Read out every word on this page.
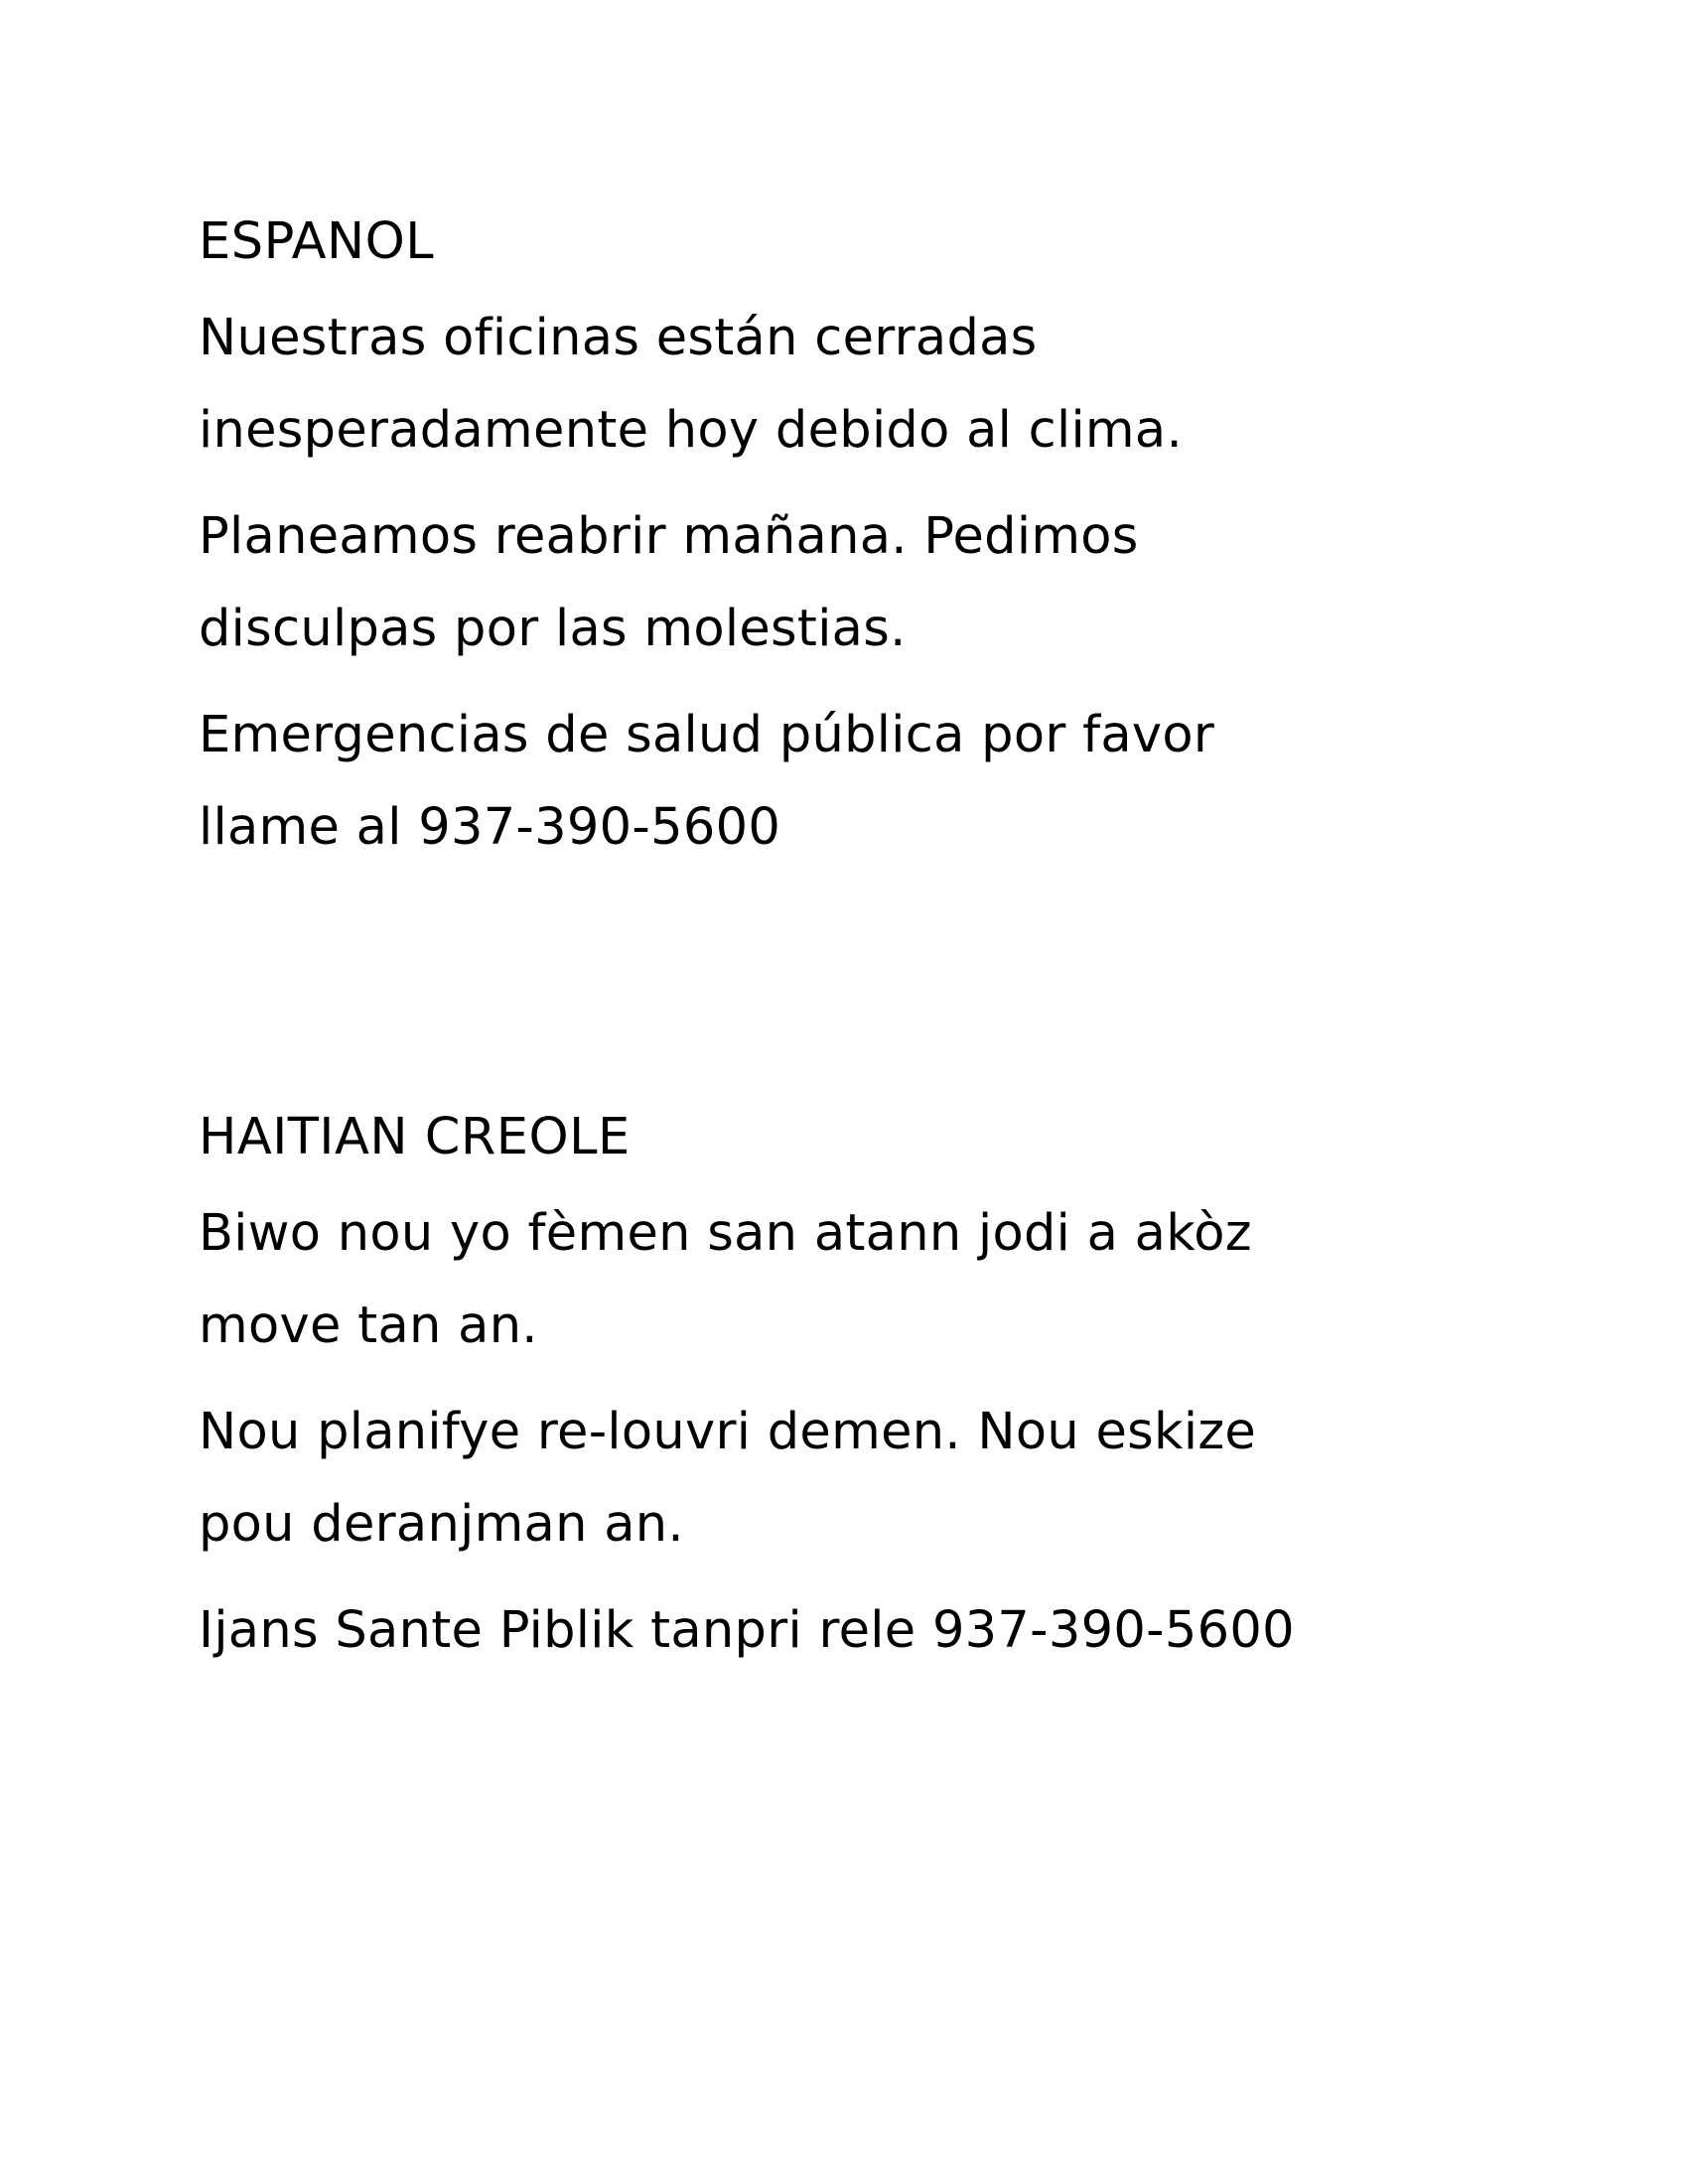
ESPANOL

Nuestras oficinas están cerradas
inesperadamente hoy debido al clima.

Planeamos reabrir mañana. Pedimos
disculpas por las molestias.

Emergencias de salud pública por favor
llame al 937-390-5600

HAITIAN CREOLE

Biwo nou yo fèmen san atann jodi a akòz
move tan an.

Nou planifye re-louvri demen. Nou eskize
pou deranjman an.

Ijans Sante Piblik tanpri rele 937-390-5600
